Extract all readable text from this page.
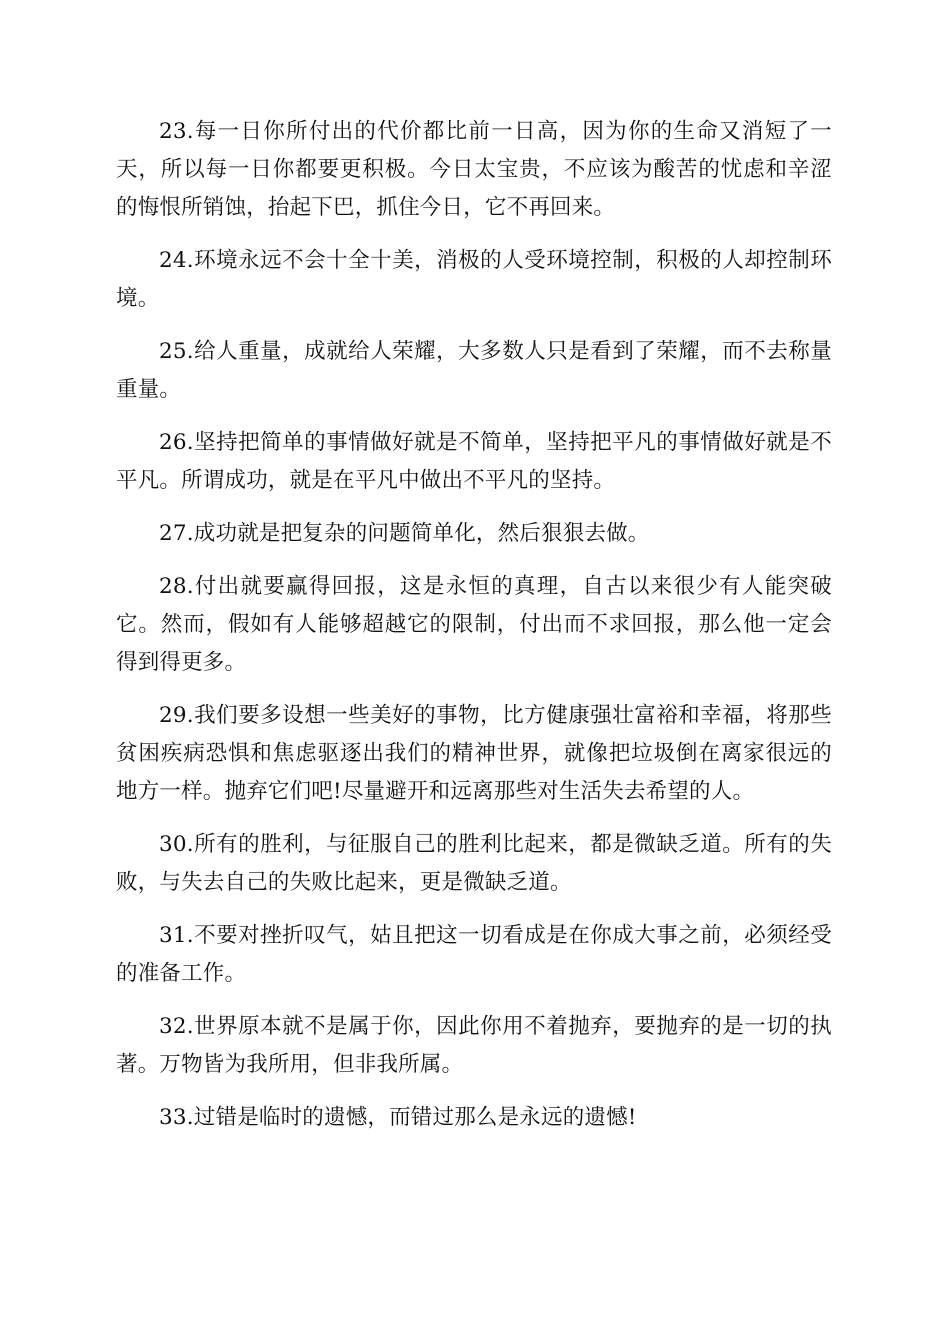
23.每一日你所付出的代价都比前一日高，因为你的生命又消短了一天，所以每一日你都要更积极。今日太宝贵，不应该为酸苦的忧虑和辛涩的悔恨所销蚀，抬起下巴，抓住今日，它不再回来。

24.环境永远不会十全十美，消极的人受环境控制，积极的人却控制环境。

25.给人重量，成就给人荣耀，大多数人只是看到了荣耀，而不去称量重量。

26.坚持把简单的事情做好就是不简单，坚持把平凡的事情做好就是不平凡。所谓成功，就是在平凡中做出不平凡的坚持。

27.成功就是把复杂的问题简单化，然后狠狠去做。

28.付出就要赢得回报，这是永恒的真理，自古以来很少有人能突破它。然而，假如有人能够超越它的限制，付出而不求回报，那么他一定会得到得更多。

29.我们要多设想一些美好的事物，比方健康强壮富裕和幸福，将那些贫困疾病恐惧和焦虑驱逐出我们的精神世界，就像把垃圾倒在离家很远的地方一样。抛弃它们吧!尽量避开和远离那些对生活失去希望的人。

30.所有的胜利，与征服自己的胜利比起来，都是微缺乏道。所有的失败，与失去自己的失败比起来，更是微缺乏道。

31.不要对挫折叹气，姑且把这一切看成是在你成大事之前，必须经受的准备工作。

32.世界原本就不是属于你，因此你用不着抛弃，要抛弃的是一切的执著。万物皆为我所用，但非我所属。

33.过错是临时的遗憾，而错过那么是永远的遗憾!
